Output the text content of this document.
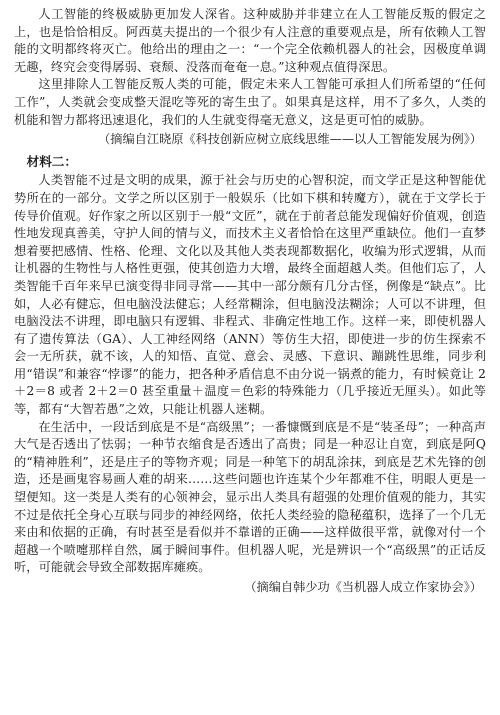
人工智能的终极威胁更加发人深省。这种威胁并非建立在人工智能反叛的假定之上，也是恰恰相反。阿西莫夫提出的一个很少有人注意的重要观点是，所有依赖人工智能的文明都终将灭亡。他给出的理由之一：“一个完全依赖机器人的社会，因极度单调无趣，终究会变得孱弱、衰颓、没落而奄奄一息。”这种观点值得深思。

这里排除人工智能反叛人类的可能，假定未来人工智能可承担人们所希望的“任何工作”，人类就会变成整天混吃等死的寄生虫了。如果真是这样，用不了多久，人类的机能和智力都将迅速退化，我们的人生就变得毫无意义，这是更可怕的威胁。

（摘编自江晓原《科技创新应树立底线思维——以人工智能发展为例》）

材料二：

人类智能不过是文明的成果，源于社会与历史的心智积淀，而文学正是这种智能优势所在的一部分。文学之所以区别于一般娱乐（比如下棋和转魔方），就在于文学长于传导价值观。好作家之所以区别于一般“文匠”，就在于前者总能发现偏好价值观，创造性地发现真善美，守护人间的情与义，而技术主义者恰恰在这里严重缺位。他们一直梦想着要把感情、性格、伦理、文化以及其他人类表现都数据化，收编为形式逻辑，从而让机器的生物性与人格性更强，使其创造力大增，最终全面超越人类。但他们忘了，人类智能千百年来早已演变得非同寻常——其中一部分颇有几分古怪，例像是“缺点”。比如，人必有健忘，但电脑没法健忘；人经常糊涂，但电脑没法糊涂；人可以不讲理，但电脑没法不讲理，即电脑只有逻辑、非程式、非确定性地工作。这样一来，即使机器人有了遗传算法（GA）、人工神经网络（ANN）等仿生大招，即使进一步的仿生探索不会一无所获，就不该，人的知悟、直觉、意会、灵感、下意识、蹦跳性思维，同步利用“错误”和兼容“悖谬”的能力，把各种矛盾信息不由分说一锅煮的能力，有时候竟让 2＋2＝8 或者 2＋2＝0 甚至重量＋温度＝色彩的特殊能力（几乎接近无厘头）。如此等等，都有“大智若愚”之效，只能让机器人迷糊。

在生活中，一段话到底是不是“高级黑”；一番慷慨到底是不是“装圣母”；一种高声大气是否透出了怯弱；一种节衣缩食是否透出了高贵；同是一种忍让自宽，到底是阿Q的“精神胜利”，还是庄子的等物齐观；同是一种笔下的胡乱涂抹，到底是艺术先锋的创造，还是画鬼容易画人难的胡来……这些问题也许连某个少年都难不住，明眼人更是一望便知。这一类是人类有的心领神会，显示出人类具有超强的处理价值观的能力，其实不过是依托全身心互联与同步的神经网络，依托人类经验的隐秘蕴积，选择了一个几无来由和依据的正确，有时甚至是看似并不靠谱的正确——这样做很平常，就像对付一个超越一个喷嚏那样自然，属于瞬间事件。但机器人呢，光是辨识一个“高级黑”的正话反听，可能就会导致全部数据库瘫痪。

（摘编自韩少功《当机器人成立作家协会》）
